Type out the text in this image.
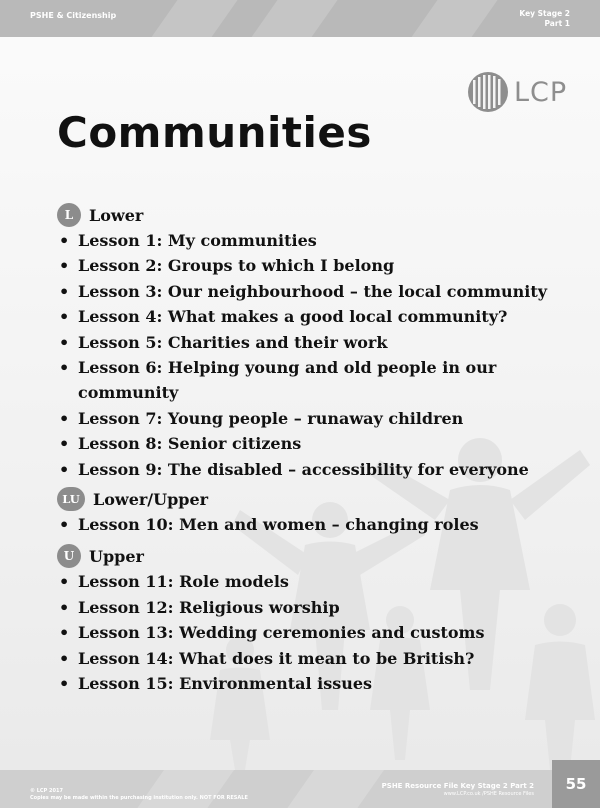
PSHE & Citizenship	Key Stage 2
Part 1
LCP
Communities
L Lower
• Lesson 1: My communities
• Lesson 2: Groups to which I belong
• Lesson 3: Our neighbourhood – the local community
• Lesson 4: What makes a good local community?
• Lesson 5: Charities and their work
• Lesson 6: Helping young and old people in our community
• Lesson 7: Young people – runaway children
• Lesson 8: Senior citizens
• Lesson 9: The disabled – accessibility for everyone
LU Lower/Upper
• Lesson 10: Men and women – changing roles
U Upper
• Lesson 11: Role models
• Lesson 12: Religious worship
• Lesson 13: Wedding ceremonies and customs
• Lesson 14: What does it mean to be British?
• Lesson 15: Environmental issues
© LCP 2017
Copies may be made within the purchasing institution only. NOT FOR RESALE
PSHE Resource File Key Stage 2 Part 2
www.LCP.co.uk /PSHE Resource Files
55
